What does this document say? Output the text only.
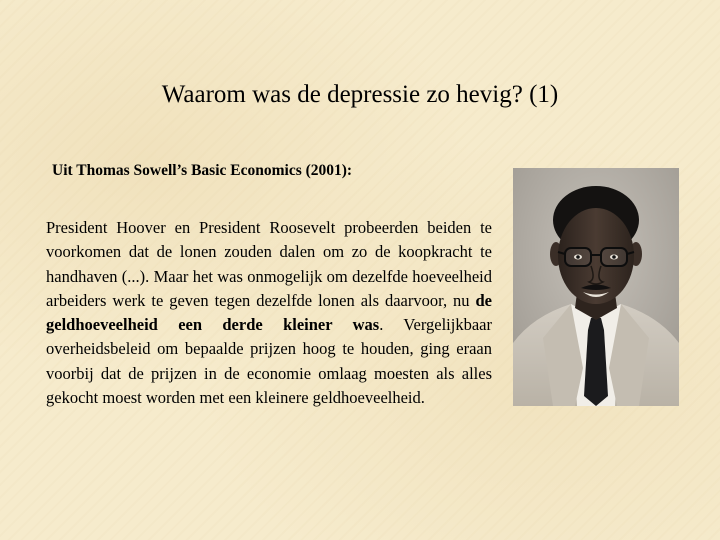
Waarom was de depressie zo hevig? (1)
Uit Thomas Sowell’s Basic Economics (2001):
President Hoover en President Roosevelt probeerden beiden te voorkomen dat de lonen zouden dalen om zo de koopkracht te handhaven (...). Maar het was onmogelijk om dezelfde hoeveelheid arbeiders werk te geven tegen dezelfde lonen als daarvoor, nu de geldhoeveelheid een derde kleiner was. Vergelijkbaar overheidsbeleid om bepaalde prijzen hoog te houden, ging eraan voorbij dat de prijzen in de economie omlaag moesten als alles gekocht moest worden met een kleinere geldhoeveelheid.
